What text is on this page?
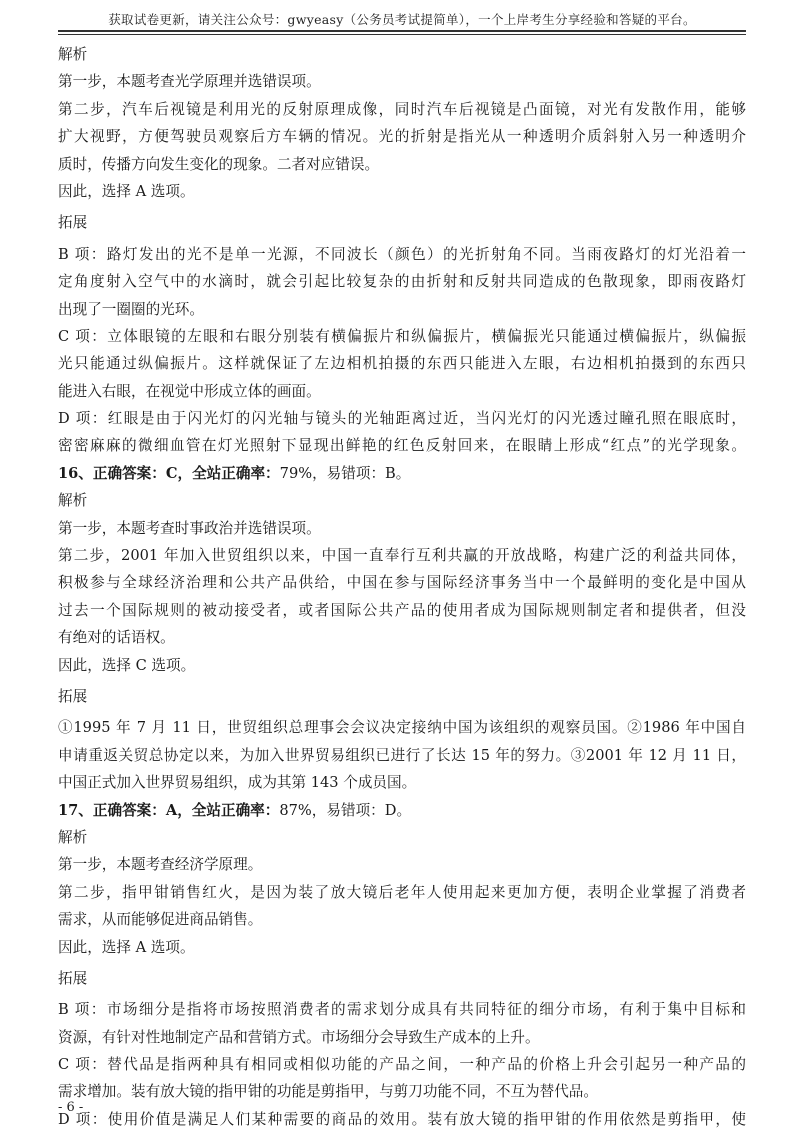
获取试卷更新，请关注公众号：gwyeasy（公务员考试提简单），一个上岸考生分享经验和答疑的平台。
解析
第一步，本题考查光学原理并选错误项。
第二步，汽车后视镜是利用光的反射原理成像，同时汽车后视镜是凸面镜，对光有发散作用，能够
扩大视野，方便驾驶员观察后方车辆的情况。光的折射是指光从一种透明介质斜射入另一种透明介
质时，传播方向发生变化的现象。二者对应错误。
因此，选择 A 选项。
拓展
B 项：路灯发出的光不是单一光源，不同波长（颜色）的光折射角不同。当雨夜路灯的灯光沿着一
定角度射入空气中的水滴时，就会引起比较复杂的由折射和反射共同造成的色散现象，即雨夜路灯
出现了一圈圈的光环。
C 项：立体眼镜的左眼和右眼分别装有横偏振片和纵偏振片，横偏振光只能通过横偏振片，纵偏振
光只能通过纵偏振片。这样就保证了左边相机拍摄的东西只能进入左眼，右边相机拍摄到的东西只
能进入右眼，在视觉中形成立体的画面。
D 项：红眼是由于闪光灯的闪光轴与镜头的光轴距离过近，当闪光灯的闪光透过瞳孔照在眼底时，
密密麻麻的微细血管在灯光照射下显现出鲜艳的红色反射回来，在眼睛上形成“红点”的光学现象。
16、正确答案：C，全站正确率：79%，易错项：B。
解析
第一步，本题考查时事政治并选错误项。
第二步，2001 年加入世贸组织以来，中国一直奉行互利共赢的开放战略，构建广泛的利益共同体，
积极参与全球经济治理和公共产品供给，中国在参与国际经济事务当中一个最鲜明的变化是中国从
过去一个国际规则的被动接受者，或者国际公共产品的使用者成为国际规则制定者和提供者，但没
有绝对的话语权。
因此，选择 C 选项。
拓展
①1995 年 7 月 11 日，世贸组织总理事会会议决定接纳中国为该组织的观察员国。②1986 年中国自
申请重返关贸总协定以来，为加入世界贸易组织已进行了长达 15 年的努力。③2001 年 12 月 11 日，
中国正式加入世界贸易组织，成为其第 143 个成员国。
17、正确答案：A，全站正确率：87%，易错项：D。
解析
第一步，本题考查经济学原理。
第二步，指甲钳销售红火，是因为装了放大镜后老年人使用起来更加方便，表明企业掌握了消费者
需求，从而能够促进商品销售。
因此，选择 A 选项。
拓展
B 项：市场细分是指将市场按照消费者的需求划分成具有共同特征的细分市场，有利于集中目标和
资源，有针对性地制定产品和营销方式。市场细分会导致生产成本的上升。
C 项：替代品是指两种具有相同或相似功能的产品之间，一种产品的价格上升会引起另一种产品的
需求增加。装有放大镜的指甲钳的功能是剪指甲，与剪刀功能不同，不互为替代品。
D 项：使用价值是满足人们某种需要的商品的效用。装有放大镜的指甲钳的作用依然是剪指甲，使
- 6 -
